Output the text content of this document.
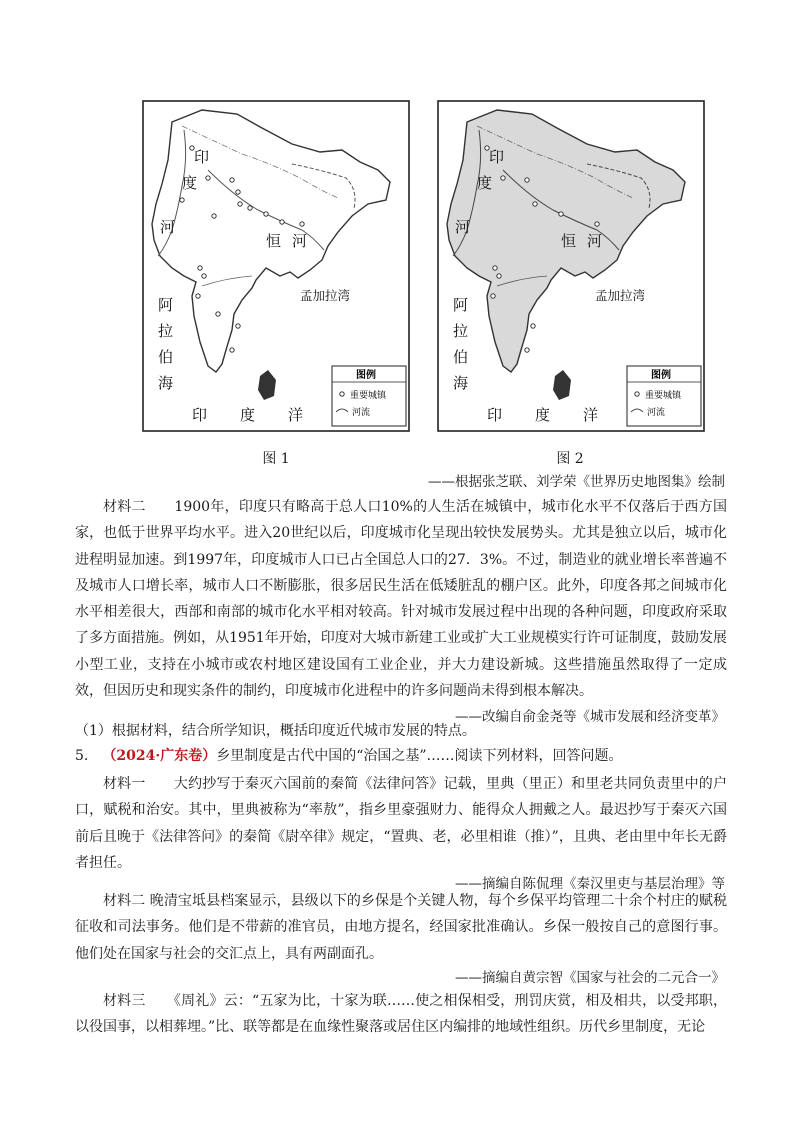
印
度
河
恒 河
阿
拉
伯
海
印 度 洋
孟加拉湾
图例
重要城镇
河流
印
度
河
恒 河
阿
拉
伯
海
印 度 洋
孟加拉湾
图例
重要城镇
河流
图 1	图 2
——根据张芝联、刘学荣《世界历史地图集》绘制
材料二　　1900年，印度只有略高于总人口10%的人生活在城镇中，城市化水平不仅落后于西方国家，也低于世界平均水平。进入20世纪以后，印度城市化呈现出较快发展势头。尤其是独立以后，城市化进程明显加速。到1997年，印度城市人口已占全国总人口的27．3%。不过，制造业的就业增长率普遍不及城市人口增长率，城市人口不断膨胀，很多居民生活在低矮脏乱的棚户区。此外，印度各邦之间城市化水平相差很大，西部和南部的城市化水平相对较高。针对城市发展过程中出现的各种问题，印度政府采取了多方面措施。例如，从1951年开始，印度对大城市新建工业或扩大工业规模实行许可证制度，鼓励发展小型工业，支持在小城市或农村地区建设国有工业企业，并大力建设新城。这些措施虽然取得了一定成效，但因历史和现实条件的制约，印度城市化进程中的许多问题尚未得到根本解决。
——改编自俞金尧等《城市发展和经济变革》
（1）根据材料，结合所学知识，概括印度近代城市发展的特点。
5. （2024·广东卷）乡里制度是古代中国的“治国之基”……阅读下列材料，回答问题。
材料一　　大约抄写于秦灭六国前的秦简《法律问答》记载，里典（里正）和里老共同负责里中的户口，赋税和治安。其中，里典被称为“率敖”，指乡里豪强财力、能得众人拥戴之人。最迟抄写于秦灭六国前后且晚于《法律答问》的秦简《尉卒律》规定，“置典、老，必里相谁（推）”，且典、老由里中年长无爵者担任。
——摘编自陈侃理《秦汉里吏与基层治理》等
材料二 晚清宝坻县档案显示，县级以下的乡保是个关键人物，每个乡保平均管理二十余个村庄的赋税征收和司法事务。他们是不带薪的准官员，由地方提名，经国家批准确认。乡保一般按自己的意图行事。他们处在国家与社会的交汇点上，具有两副面孔。
——摘编自黄宗智《国家与社会的二元合一》
材料三　　《周礼》云：“五家为比，十家为联……使之相保相受，刑罚庆赏，相及相共，以受邦职，以役国事，以相葬埋。”比、联等都是在血缘性聚落或居住区内编排的地域性组织。历代乡里制度，无论
